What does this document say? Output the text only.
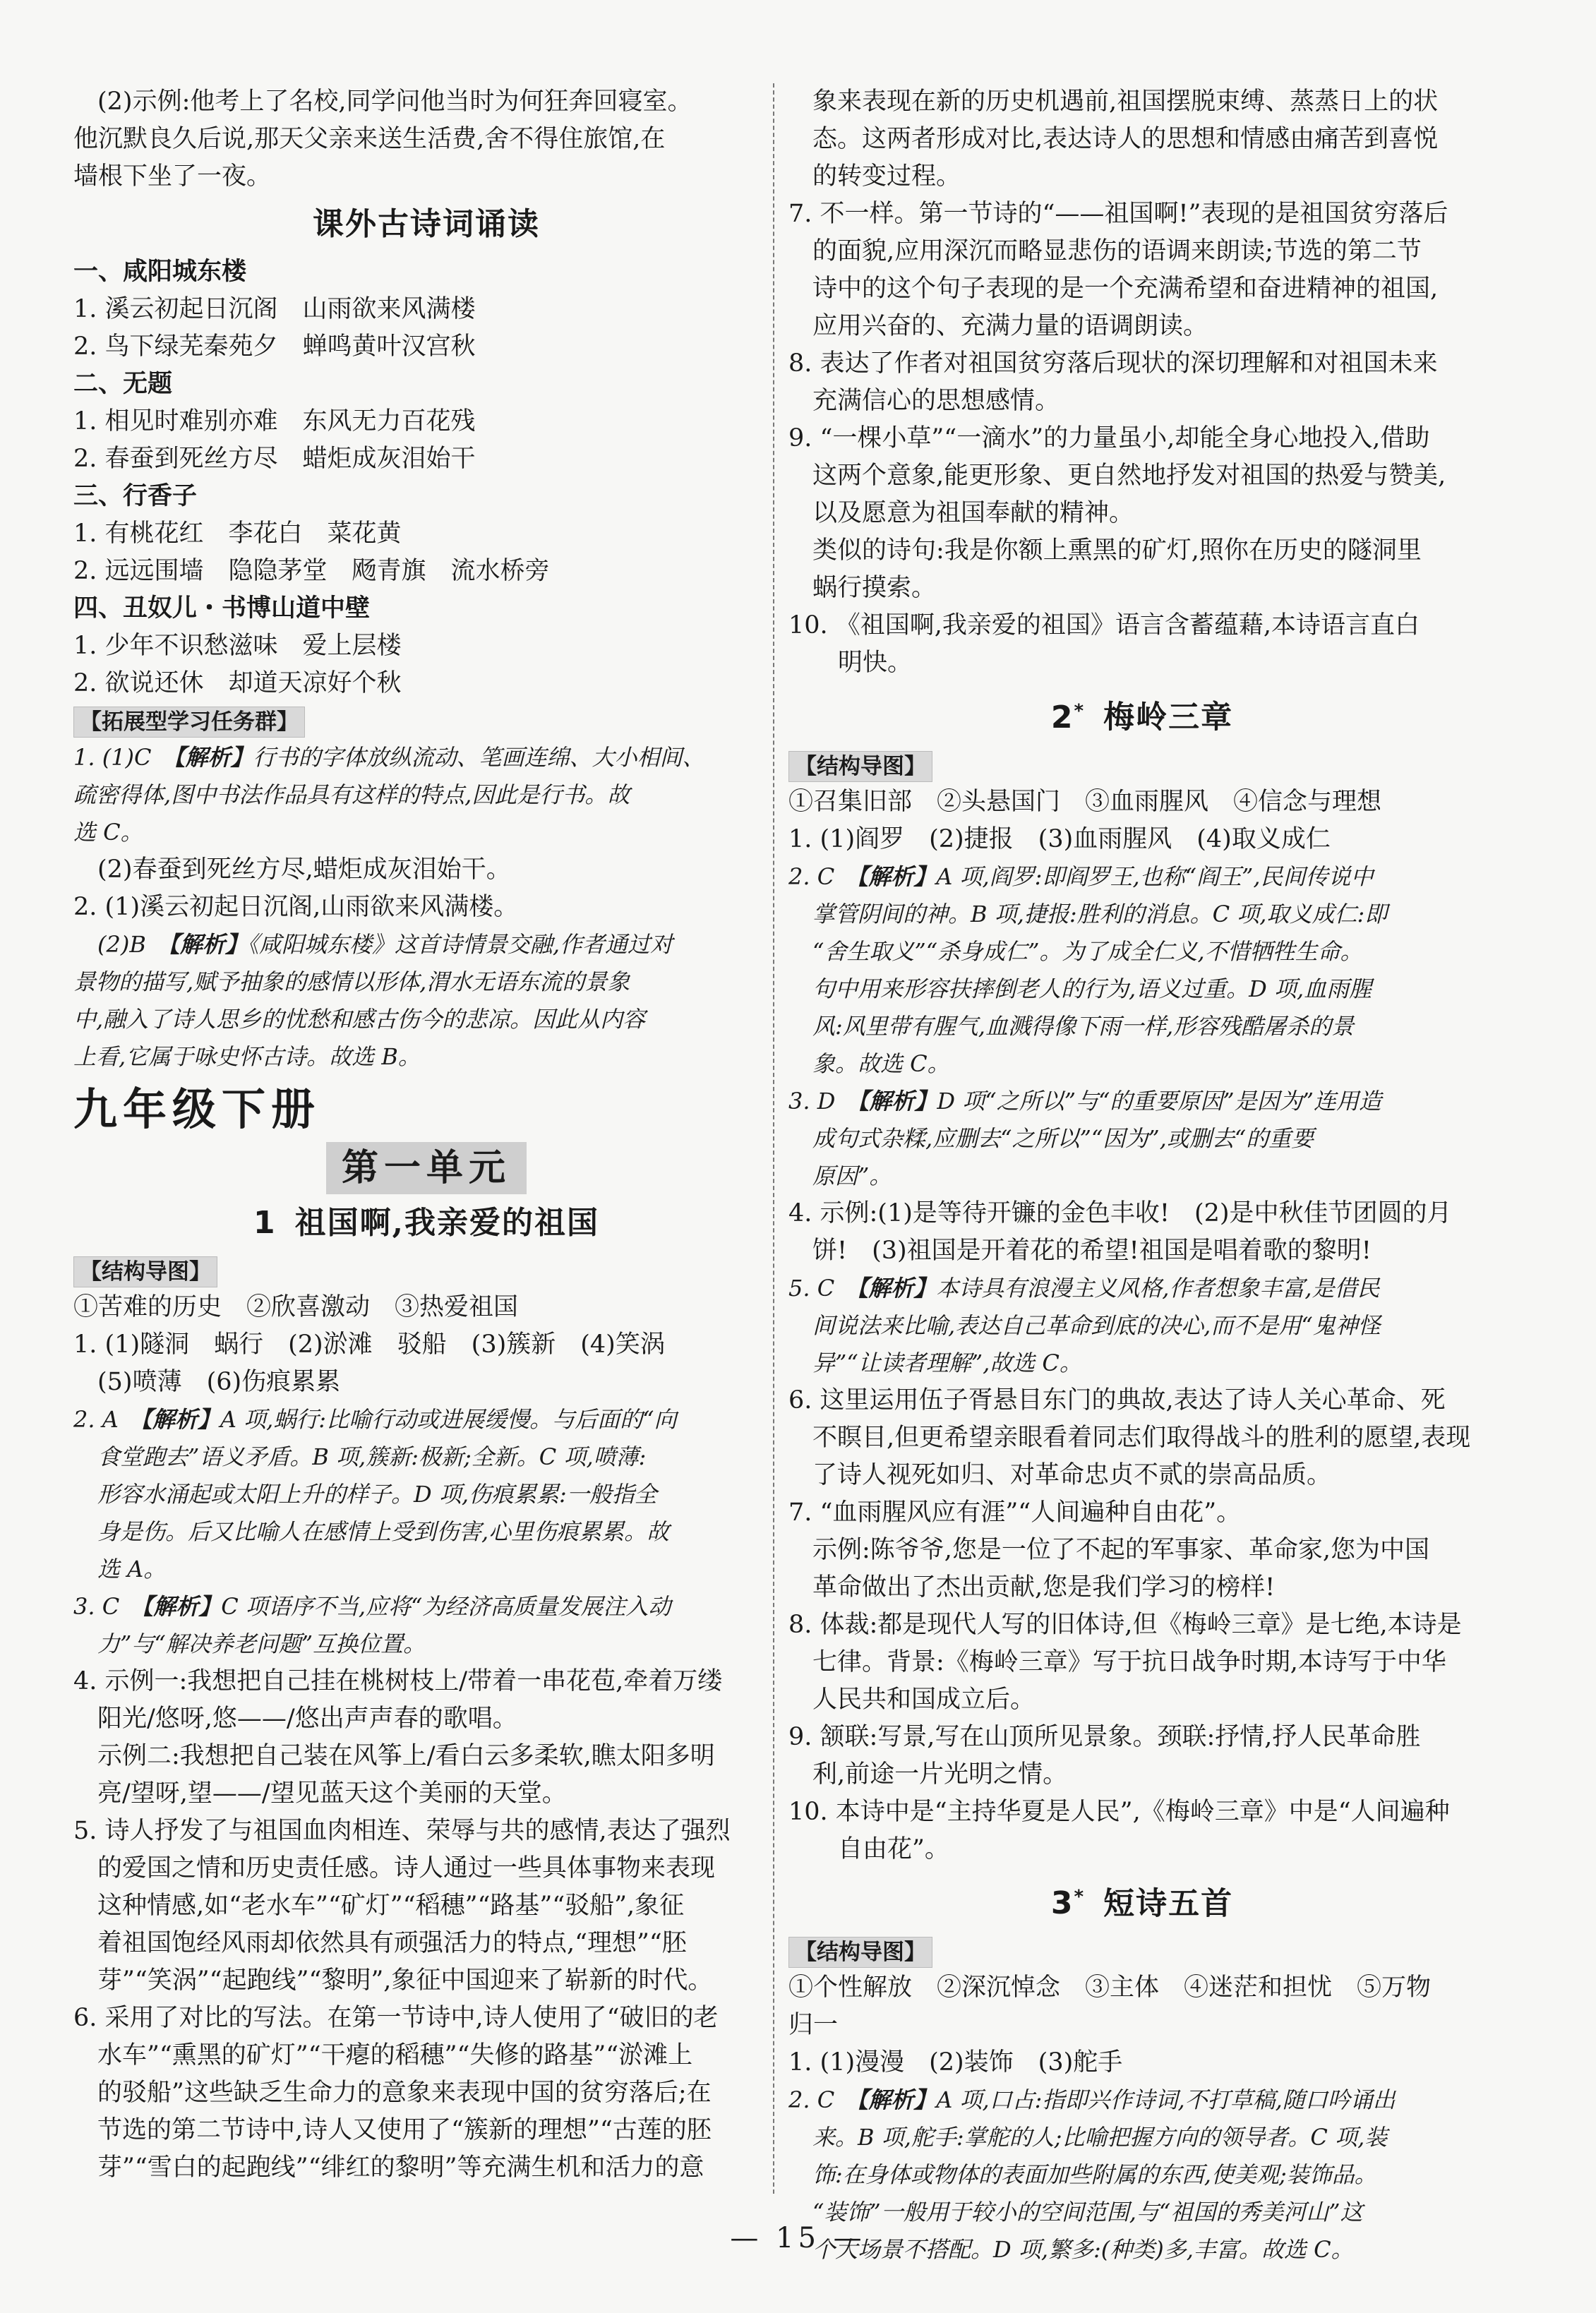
(2)示例:他考上了名校,同学问他当时为何狂奔回寝室。

他沉默良久后说,那天父亲来送生活费,舍不得住旅馆,在

墙根下坐了一夜。

课外古诗词诵读

一、咸阳城东楼

1. 溪云初起日沉阁　山雨欲来风满楼

2. 鸟下绿芜秦苑夕　蝉鸣黄叶汉宫秋

二、无题

1. 相见时难别亦难　东风无力百花残

2. 春蚕到死丝方尽　蜡炬成灰泪始干

三、行香子

1. 有桃花红　李花白　菜花黄

2. 远远围墙　隐隐茅堂　飏青旗　流水桥旁

四、丑奴儿・书博山道中壁

1. 少年不识愁滋味　爱上层楼

2. 欲说还休　却道天凉好个秋

【拓展型学习任务群】

1. (1)C　【解析】行书的字体放纵流动、笔画连绵、大小相间、

疏密得体,图中书法作品具有这样的特点,因此是行书。故

选 C。

(2)春蚕到死丝方尽,蜡炬成灰泪始干。

2. (1)溪云初起日沉阁,山雨欲来风满楼。

(2)B　【解析】《咸阳城东楼》这首诗情景交融,作者通过对

景物的描写,赋予抽象的感情以形体,渭水无语东流的景象

中,融入了诗人思乡的忧愁和感古伤今的悲凉。因此从内容

上看,它属于咏史怀古诗。故选 B。

九年级下册

第一单元

1 祖国啊,我亲爱的祖国

【结构导图】

①苦难的历史　②欣喜激动　③热爱祖国

1. (1)隧洞　蜗行　(2)淤滩　驳船　(3)簇新　(4)笑涡

(5)喷薄　(6)伤痕累累

2. A　【解析】A 项,蜗行:比喻行动或进展缓慢。与后面的“向

食堂跑去”语义矛盾。B 项,簇新:极新;全新。C 项,喷薄:

形容水涌起或太阳上升的样子。D 项,伤痕累累:一般指全

身是伤。后又比喻人在感情上受到伤害,心里伤痕累累。故

选 A。

3. C　【解析】C 项语序不当,应将“为经济高质量发展注入动

力”与“解决养老问题”互换位置。

4. 示例一:我想把自己挂在桃树枝上/带着一串花苞,牵着万缕

阳光/悠呀,悠——/悠出声声春的歌唱。

示例二:我想把自己装在风筝上/看白云多柔软,瞧太阳多明

亮/望呀,望——/望见蓝天这个美丽的天堂。

5. 诗人抒发了与祖国血肉相连、荣辱与共的感情,表达了强烈

的爱国之情和历史责任感。诗人通过一些具体事物来表现

这种情感,如“老水车”“矿灯”“稻穗”“路基”“驳船”,象征

着祖国饱经风雨却依然具有顽强活力的特点,“理想”“胚

芽”“笑涡”“起跑线”“黎明”,象征中国迎来了崭新的时代。

6. 采用了对比的写法。在第一节诗中,诗人使用了“破旧的老

水车”“熏黑的矿灯”“干瘪的稻穗”“失修的路基”“淤滩上

的驳船”这些缺乏生命力的意象来表现中国的贫穷落后;在

节选的第二节诗中,诗人又使用了“簇新的理想”“古莲的胚

芽”“雪白的起跑线”“绯红的黎明”等充满生机和活力的意

象来表现在新的历史机遇前,祖国摆脱束缚、蒸蒸日上的状

态。这两者形成对比,表达诗人的思想和情感由痛苦到喜悦

的转变过程。

7. 不一样。第一节诗的“——祖国啊!”表现的是祖国贫穷落后

的面貌,应用深沉而略显悲伤的语调来朗读;节选的第二节

诗中的这个句子表现的是一个充满希望和奋进精神的祖国,

应用兴奋的、充满力量的语调朗读。

8. 表达了作者对祖国贫穷落后现状的深切理解和对祖国未来

充满信心的思想感情。

9. “一棵小草”“一滴水”的力量虽小,却能全身心地投入,借助

这两个意象,能更形象、更自然地抒发对祖国的热爱与赞美,

以及愿意为祖国奉献的精神。

类似的诗句:我是你额上熏黑的矿灯,照你在历史的隧洞里

蜗行摸索。

10. 《祖国啊,我亲爱的祖国》语言含蓄蕴藉,本诗语言直白

明快。

2* 梅岭三章

【结构导图】

①召集旧部　②头悬国门　③血雨腥风　④信念与理想

1. (1)阎罗　(2)捷报　(3)血雨腥风　(4)取义成仁

2. C　【解析】A 项,阎罗:即阎罗王,也称“阎王”,民间传说中

掌管阴间的神。B 项,捷报:胜利的消息。C 项,取义成仁:即

“舍生取义”“杀身成仁”。为了成全仁义,不惜牺牲生命。

句中用来形容扶摔倒老人的行为,语义过重。D 项,血雨腥

风:风里带有腥气,血溅得像下雨一样,形容残酷屠杀的景

象。故选 C。

3. D　【解析】D 项“之所以”与“的重要原因”是因为”连用造

成句式杂糅,应删去“之所以”“因为”,或删去“的重要

原因”。

4. 示例:(1)是等待开镰的金色丰收!　(2)是中秋佳节团圆的月

饼!　(3)祖国是开着花的希望!祖国是唱着歌的黎明!

5. C　【解析】本诗具有浪漫主义风格,作者想象丰富,是借民

间说法来比喻,表达自己革命到底的决心,而不是用“鬼神怪

异”“让读者理解”,故选 C。

6. 这里运用伍子胥悬目东门的典故,表达了诗人关心革命、死

不瞑目,但更希望亲眼看着同志们取得战斗的胜利的愿望,表现

了诗人视死如归、对革命忠贞不贰的崇高品质。

7. “血雨腥风应有涯”“人间遍种自由花”。

示例:陈爷爷,您是一位了不起的军事家、革命家,您为中国

革命做出了杰出贡献,您是我们学习的榜样!

8. 体裁:都是现代人写的旧体诗,但《梅岭三章》是七绝,本诗是

七律。背景:《梅岭三章》写于抗日战争时期,本诗写于中华

人民共和国成立后。

9. 颔联:写景,写在山顶所见景象。颈联:抒情,抒人民革命胜

利,前途一片光明之情。

10. 本诗中是“主持华夏是人民”,《梅岭三章》中是“人间遍种

自由花”。

3* 短诗五首

【结构导图】

①个性解放　②深沉悼念　③主体　④迷茫和担忧　⑤万物

归一

1. (1)漫漫　(2)装饰　(3)舵手

2. C　【解析】A 项,口占:指即兴作诗词,不打草稿,随口吟诵出

来。B 项,舵手:掌舵的人;比喻把握方向的领导者。C 项,装

饰:在身体或物体的表面加些附属的东西,使美观;装饰品。

“装饰”一般用于较小的空间范围,与“祖国的秀美河山”这

个大场景不搭配。D 项,繁多:(种类)多,丰富。故选 C。

— 15 —
